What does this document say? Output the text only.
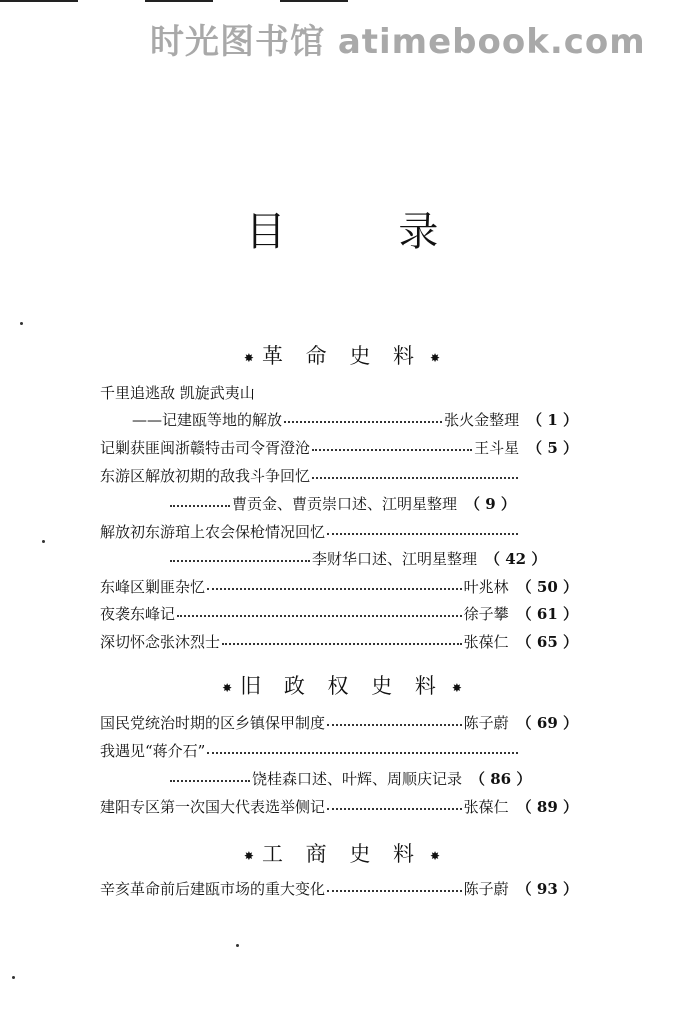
时光图书馆 atimebook.com
目 录
✸ 革 命 史 料 ✸
千里追逃敌 凯旋武夷山
——记建瓯等地的解放	张火金整理 （ 1 ）
记剿获匪闽浙赣特击司令胥澄沧	王斗星 （ 5 ）
东游区解放初期的敌我斗争回忆
曹贡金、曹贡崇口述、江明星整理 （ 9 ）
解放初东游琯上农会保枪情况回忆
李财华口述、江明星整理 （ 42 ）
东峰区剿匪杂忆	叶兆林 （ 50 ）
夜袭东峰记	徐子攀 （ 61 ）
深切怀念张沐烈士	张葆仁 （ 65 ）
✸ 旧 政 权 史 料 ✸
国民党统治时期的区乡镇保甲制度	陈子蔚 （ 69 ）
我遇见“蒋介石”
饶桂森口述、叶辉、周顺庆记录 （ 86 ）
建阳专区第一次国大代表选举侧记	张葆仁 （ 89 ）
✸ 工 商 史 料 ✸
辛亥革命前后建瓯市场的重大变化	陈子蔚 （ 93 ）
